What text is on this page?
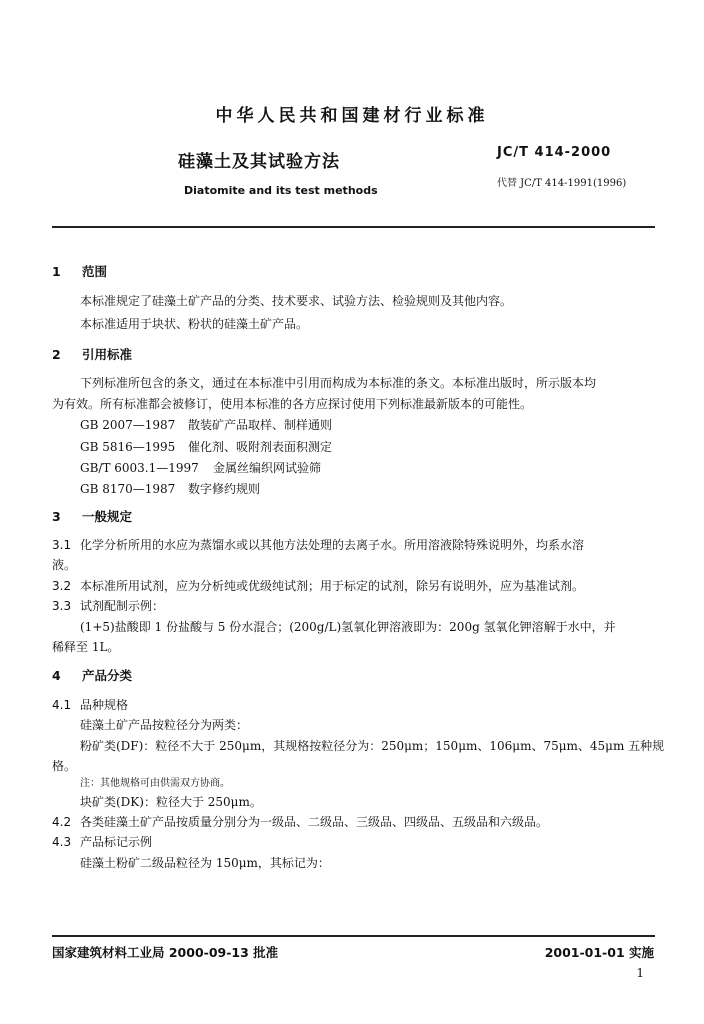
中华人民共和国建材行业标准
硅藻土及其试验方法
Diatomite and its test methods
JC/T 414-2000
代替 JC/T 414-1991(1996)
1 范围
本标准规定了硅藻土矿产品的分类、技术要求、试验方法、检验规则及其他内容。
本标准适用于块状、粉状的硅藻土矿产品。
2 引用标准
下列标准所包含的条文，通过在本标准中引用而构成为本标准的条文。本标准出版时，所示版本均
为有效。所有标准都会被修订，使用本标准的各方应探讨使用下列标准最新版本的可能性。
GB 2007—1987 散装矿产品取样、制样通则
GB 5816—1995 催化剂、吸附剂表面积测定
GB/T 6003.1—1997 金属丝编织网试验筛
GB 8170—1987 数字修约规则
3 一般规定
3.1 化学分析所用的水应为蒸馏水或以其他方法处理的去离子水。所用溶液除特殊说明外，均系水溶
液。
3.2 本标准所用试剂，应为分析纯或优级纯试剂；用于标定的试剂，除另有说明外，应为基准试剂。
3.3 试剂配制示例：
(1+5)盐酸即 1 份盐酸与 5 份水混合；(200g/L)氢氧化钾溶液即为：200g 氢氧化钾溶解于水中，并
稀释至 1L。
4 产品分类
4.1 品种规格
硅藻土矿产品按粒径分为两类：
粉矿类(DF)：粒径不大于 250μm，其规格按粒径分为：250μm；150μm、106μm、75μm、45μm 五种规
格。
注：其他规格可由供需双方协商。
块矿类(DK)：粒径大于 250μm。
4.2 各类硅藻土矿产品按质量分别分为一级品、二级品、三级品、四级品、五级品和六级品。
4.3 产品标记示例
硅藻土粉矿二级品粒径为 150μm，其标记为：
国家建筑材料工业局 2000-09-13 批准	2001-01-01 实施
1
